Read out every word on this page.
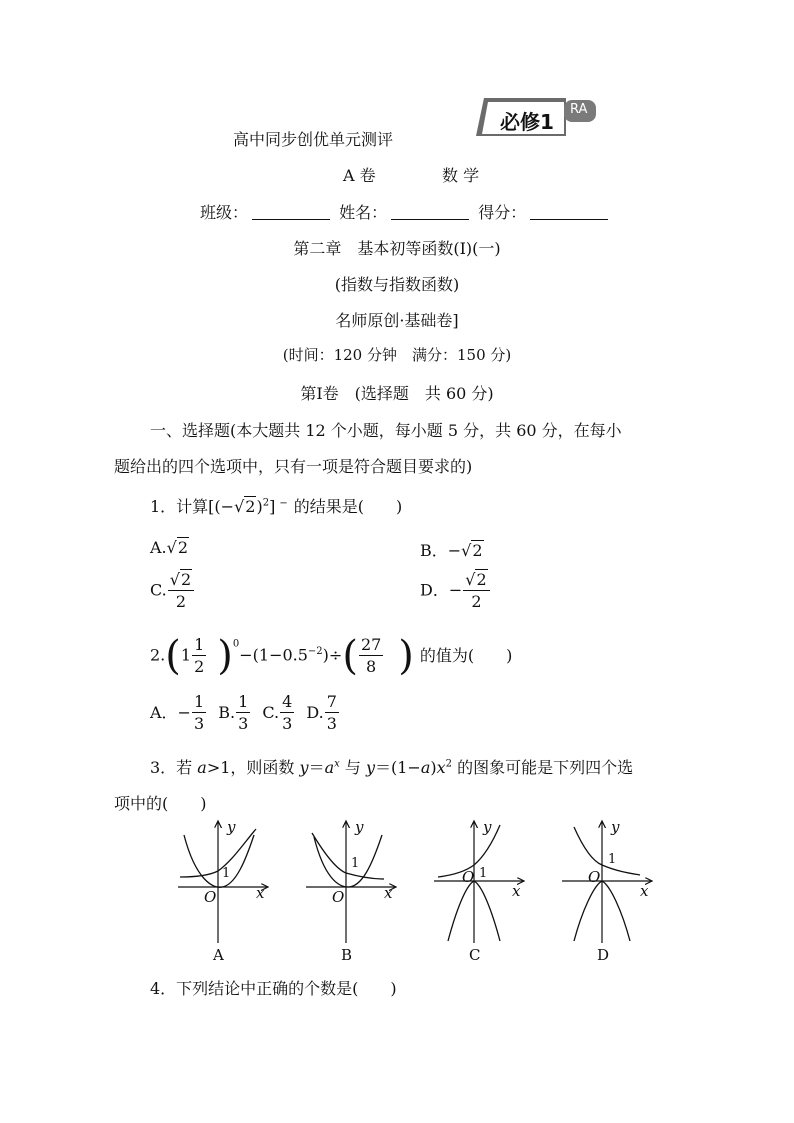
高中同步创优单元测评
必修1
RA
A 卷	数 学
班级：	姓名：	得分：
第二章　基本初等函数(Ⅰ)(一)
(指数与指数函数)
名师原创·基础卷]
(时间：120 分钟　满分：150 分)
第Ⅰ卷　(选择题　共 60 分)
一、选择题(本大题共 12 个小题，每小题 5 分，共 60 分，在每小
题给出的四个选项中，只有一项是符合题目要求的)
1．计算$[(-√2)^2]$ − 的结果是(　　)
A.√2	B．−√2
C. $\frac{√2}{2}$	D．− $\frac{√2}{2}$
$2.(1 \frac{1}{2} )^0-(1-0.5^{-2})\div( \frac{27}{8}$ ) 的值为(　　)
A．− $\frac{1}{3} B$. $\frac{1}{3} C$. $\frac{4}{3} D$. $\frac{7}{3}$
3．若 a>1，则函数 $y=a^x$ 与 $y=(1-a)x^2$ 的图象可能是下列四个选
项中的(　　)
y
x
O
1
A
y
x
O
1
B
y
x
O 1
C
y
x
O
1
D
4．下列结论中正确的个数是(　　)
